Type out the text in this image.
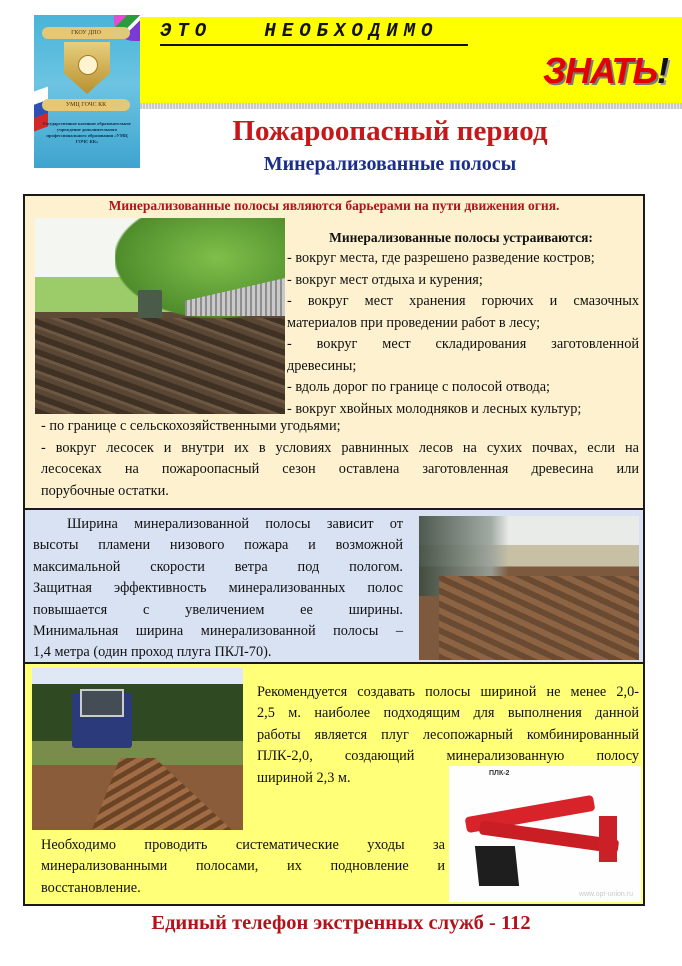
ГКОУ ДПО
УМЦ ГОЧС КК
Государственное казенное образовательное учреждение дополнительного профессионального образования «УМЦ ГОЧС КК»
ЭТО   НЕОБХОДИМО
ЗНАТЬ!
Пожароопасный период
Минерализованные полосы
Минерализованные полосы являются барьерами на пути движения огня.
Минерализованные полосы устраиваются:
- вокруг места, где разрешено разведение костров;
- вокруг мест отдыха и курения;
- вокруг мест хранения горючих и смазочных
материалов при проведении работ в лесу;
- вокруг мест складирования заготовленной
древесины;
- вдоль дорог по границе с полосой отвода;
- вокруг хвойных молодняков и лесных культур;
- по границе с сельскохозяйственными угодьями;
- вокруг лесосек и внутри их в условиях равнинных лесов на сухих почвах, если на
лесосеках на пожароопасный сезон оставлена заготовленная древесина или
порубочные остатки.
Ширина минерализованной полосы зависит от
высоты пламени низового пожара и возможной
максимальной скорости ветра под пологом.
Защитная эффективность минерализованных полос
повышается с увеличением ее ширины.
Минимальная ширина минерализованной полосы –
1,4 метра (один проход плуга ПКЛ-70).
Рекомендуется создавать полосы шириной не менее 2,0-
2,5 м. наиболее подходящим для выполнения данной
работы является плуг лесопожарный комбинированный
ПЛК-2,0, создающий минерализованную полосу
шириной 2,3 м.	ПЛК-2
www.opt-union.ru
Необходимо проводить систематические уходы за
минерализованными полосами, их подновление и
восстановление.
Единый телефон экстренных служб - 112
